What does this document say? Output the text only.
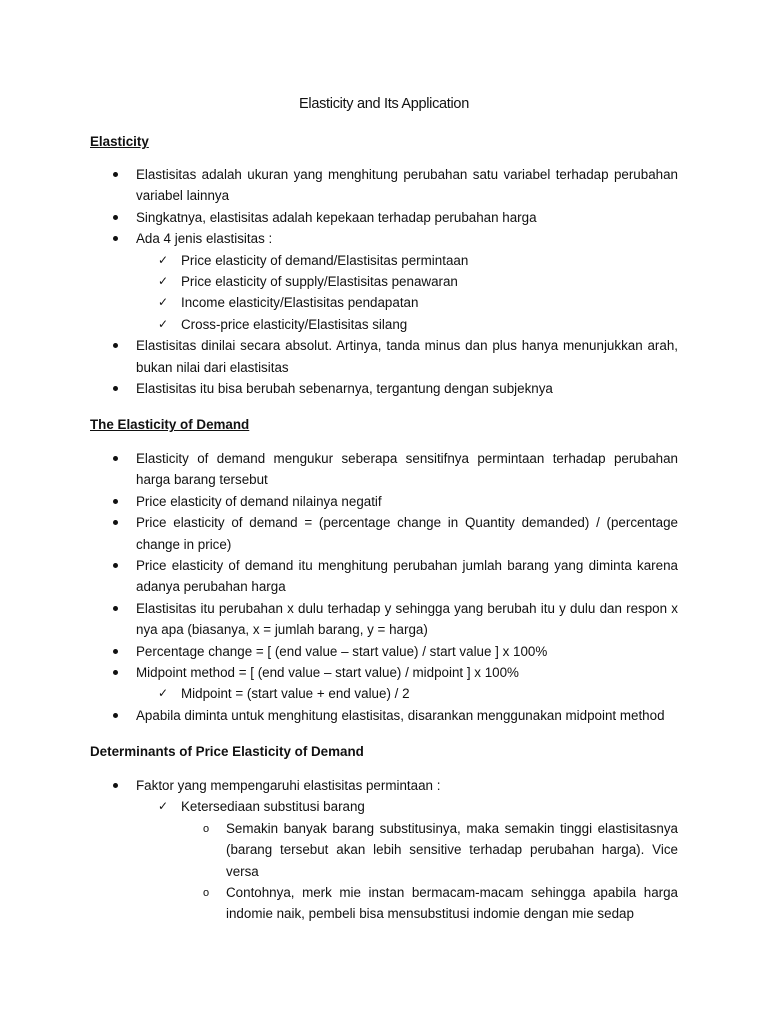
Elasticity and Its Application
Elasticity
Elastisitas adalah ukuran yang menghitung perubahan satu variabel terhadap perubahan variabel lainnya
Singkatnya, elastisitas adalah kepekaan terhadap perubahan harga
Ada 4 jenis elastisitas :
✓ Price elasticity of demand/Elastisitas permintaan
✓ Price elasticity of supply/Elastisitas penawaran
✓ Income elasticity/Elastisitas pendapatan
✓ Cross-price elasticity/Elastisitas silang
Elastisitas dinilai secara absolut. Artinya, tanda minus dan plus hanya menunjukkan arah, bukan nilai dari elastisitas
Elastisitas itu bisa berubah sebenarnya, tergantung dengan subjeknya
The Elasticity of Demand
Elasticity of demand mengukur seberapa sensitifnya permintaan terhadap perubahan harga barang tersebut
Price elasticity of demand nilainya negatif
Price elasticity of demand = (percentage change in Quantity demanded) / (percentage change in price)
Price elasticity of demand itu menghitung perubahan jumlah barang yang diminta karena adanya perubahan harga
Elastisitas itu perubahan x dulu terhadap y sehingga yang berubah itu y dulu dan respon x nya apa (biasanya, x = jumlah barang, y = harga)
Percentage change = [ (end value – start value) / start value ] x 100%
Midpoint method = [ (end value – start value) / midpoint ] x 100%
✓ Midpoint = (start value + end value) / 2
Apabila diminta untuk menghitung elastisitas, disarankan menggunakan midpoint method
Determinants of Price Elasticity of Demand
Faktor yang mempengaruhi elastisitas permintaan :
✓ Ketersediaan substitusi barang
o Semakin banyak barang substitusinya, maka semakin tinggi elastisitasnya (barang tersebut akan lebih sensitive terhadap perubahan harga). Vice versa
o Contohnya, merk mie instan bermacam-macam sehingga apabila harga indomie naik, pembeli bisa mensubstitusi indomie dengan mie sedap
